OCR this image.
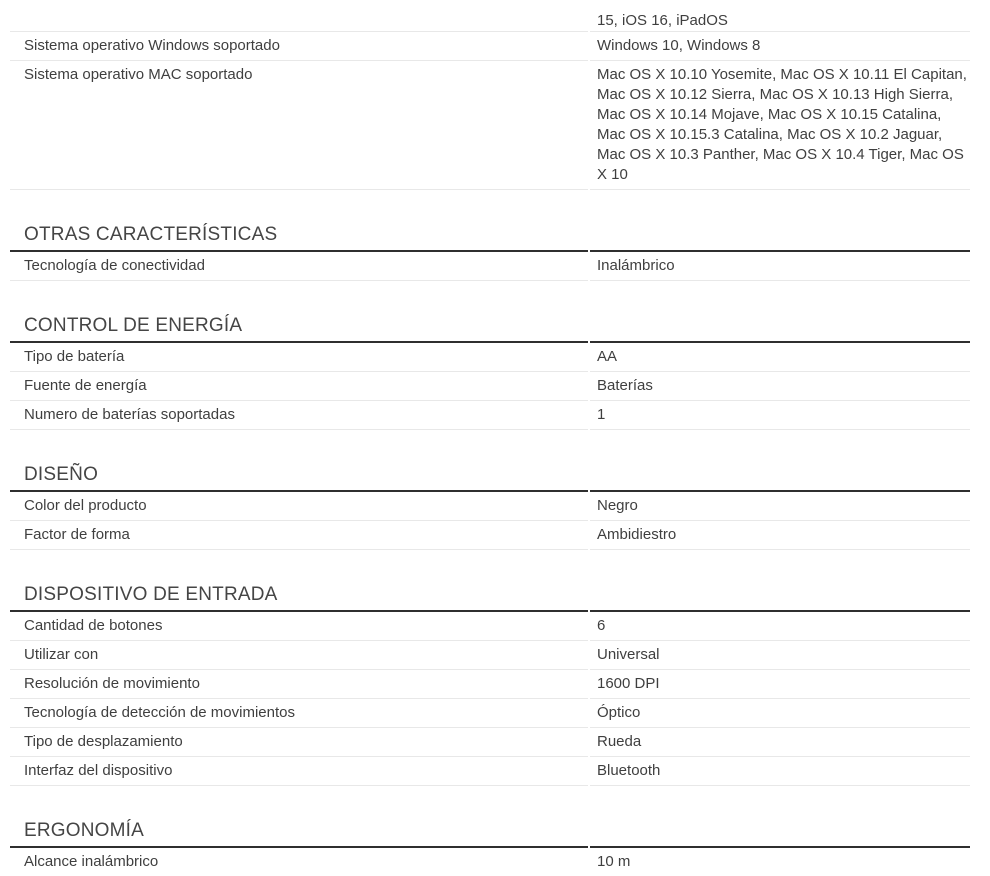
	15, iOS 16, iPadOS
Sistema operativo Windows soportado	Windows 10, Windows 8
Sistema operativo MAC soportado	Mac OS X 10.10 Yosemite, Mac OS X 10.11 El Capitan, Mac OS X 10.12 Sierra, Mac OS X 10.13 High Sierra, Mac OS X 10.14 Mojave, Mac OS X 10.15 Catalina, Mac OS X 10.15.3 Catalina, Mac OS X 10.2 Jaguar, Mac OS X 10.3 Panther, Mac OS X 10.4 Tiger, Mac OS X 10
OTRAS CARACTERÍSTICAS	
Tecnología de conectividad	Inalámbrico
CONTROL DE ENERGÍA	
Tipo de batería	AA
Fuente de energía	Baterías
Numero de baterías soportadas	1
DISEÑO	
Color del producto	Negro
Factor de forma	Ambidiestro
DISPOSITIVO DE ENTRADA	
Cantidad de botones	6
Utilizar con	Universal
Resolución de movimiento	1600 DPI
Tecnología de detección de movimientos	Óptico
Tipo de desplazamiento	Rueda
Interfaz del dispositivo	Bluetooth
ERGONOMÍA	
Alcance inalámbrico	10 m
